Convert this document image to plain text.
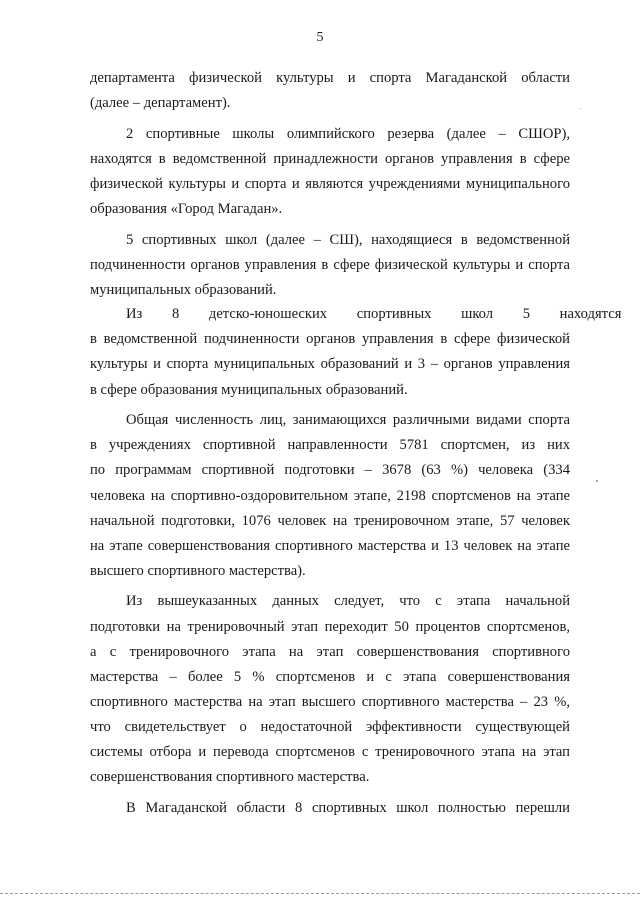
5
департамента физической культуры и спорта Магаданской области
(далее – департамент).
2 спортивные школы олимпийского резерва (далее – СШОР),
находятся в ведомственной принадлежности органов управления в сфере
физической культуры и спорта и являются учреждениями муниципального
образования «Город Магадан».
5 спортивных школ (далее – СШ), находящиеся в ведомственной
подчиненности органов управления в сфере физической культуры и спорта
муниципальных образований.
Из 8 детско-юношеских спортивных школ 5 находятся
в ведомственной подчиненности органов управления в сфере физической
культуры и спорта муниципальных образований и 3 – органов управления
в сфере образования муниципальных образований.
Общая численность лиц, занимающихся различными видами спорта
в учреждениях спортивной направленности 5781 спортсмен, из них
по программам спортивной подготовки – 3678 (63 %) человека (334
человека на спортивно-оздоровительном этапе, 2198 спортсменов на этапе
начальной подготовки, 1076 человек на тренировочном этапе, 57 человек
на этапе совершенствования спортивного мастерства и 13 человек на этапе
высшего спортивного мастерства).
Из вышеуказанных данных следует, что с этапа начальной
подготовки на тренировочный этап переходит 50 процентов спортсменов,
а с тренировочного этапа на этап совершенствования спортивного
мастерства – более 5 % спортсменов и с этапа совершенствования
спортивного мастерства на этап высшего спортивного мастерства – 23 %,
что свидетельствует о недостаточной эффективности существующей
системы отбора и перевода спортсменов с тренировочного этапа на этап
совершенствования спортивного мастерства.
В Магаданской области 8 спортивных школ полностью перешли
